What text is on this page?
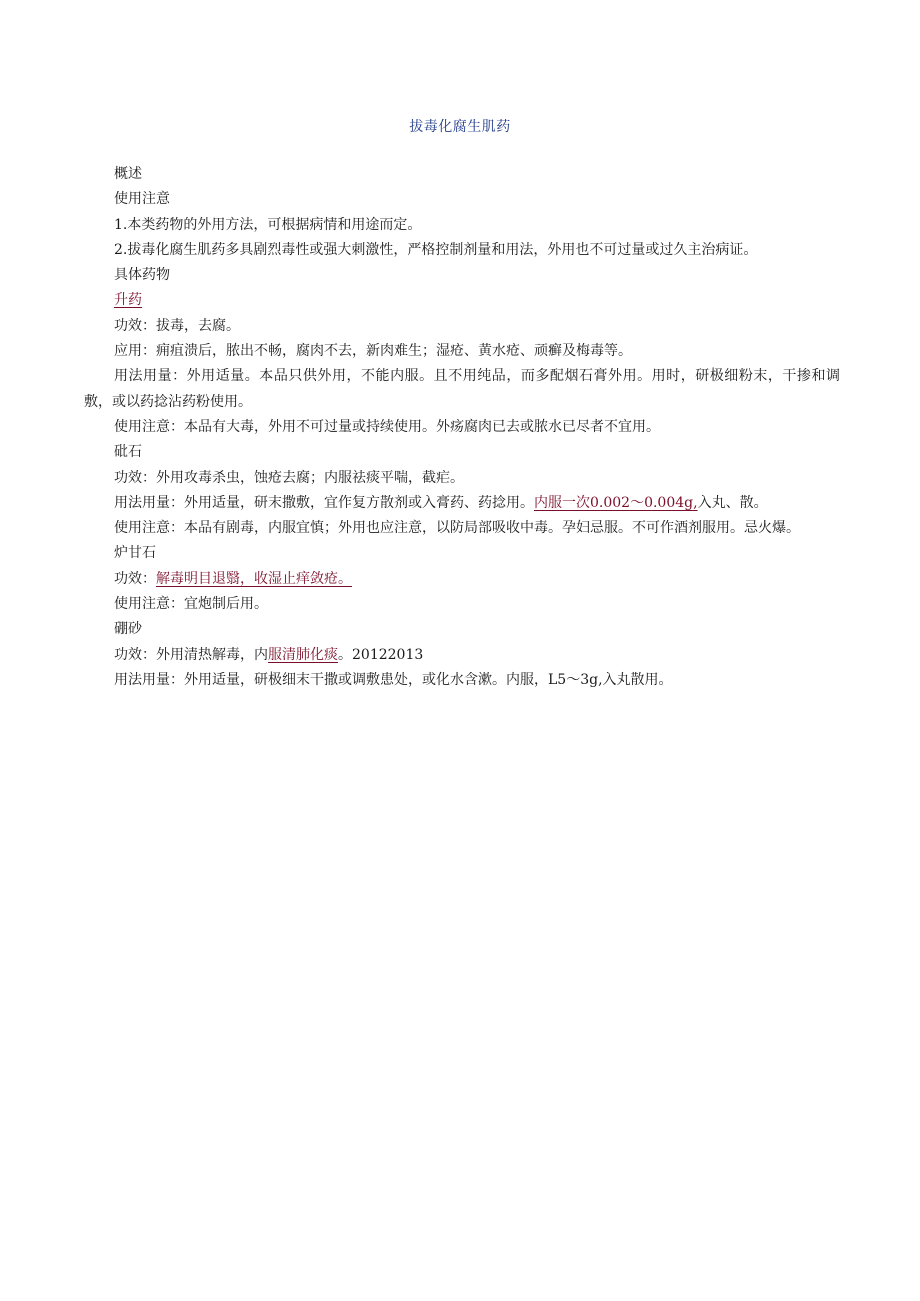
拔毒化腐生肌药

概述

使用注意

1.本类药物的外用方法，可根据病情和用途而定。

2.拔毒化腐生肌药多具剧烈毒性或强大刺激性，严格控制剂量和用法，外用也不可过量或过久主治病证。

具体药物

升药

功效：拔毒，去腐。

应用：痈疽溃后，脓出不畅，腐肉不去，新肉难生；湿疮、黄水疮、顽癣及梅毒等。

用法用量：外用适量。本品只供外用，不能内服。且不用纯品，而多配烟石膏外用。用时，研极细粉末，干掺和调敷，或以药捻沾药粉使用。

使用注意：本品有大毒，外用不可过量或持续使用。外疡腐肉已去或脓水已尽者不宜用。

砒石

功效：外用攻毒杀虫，蚀疮去腐；内服祛痰平喘，截疟。

用法用量：外用适量，研末撒敷，宜作复方散剂或入膏药、药捻用。内服一次0.002～0.004g,入丸、散。

使用注意：本品有剧毒，内服宜慎；外用也应注意，以防局部吸收中毒。孕妇忌服。不可作酒剂服用。忌火爆。

炉甘石

功效：解毒明目退翳，收湿止痒敛疮。

使用注意：宜炮制后用。

硼砂

功效：外用清热解毒，内服清肺化痰。20122013

用法用量：外用适量，研极细末干撒或调敷患处，或化水含漱。内服，L5～3g,入丸散用。
